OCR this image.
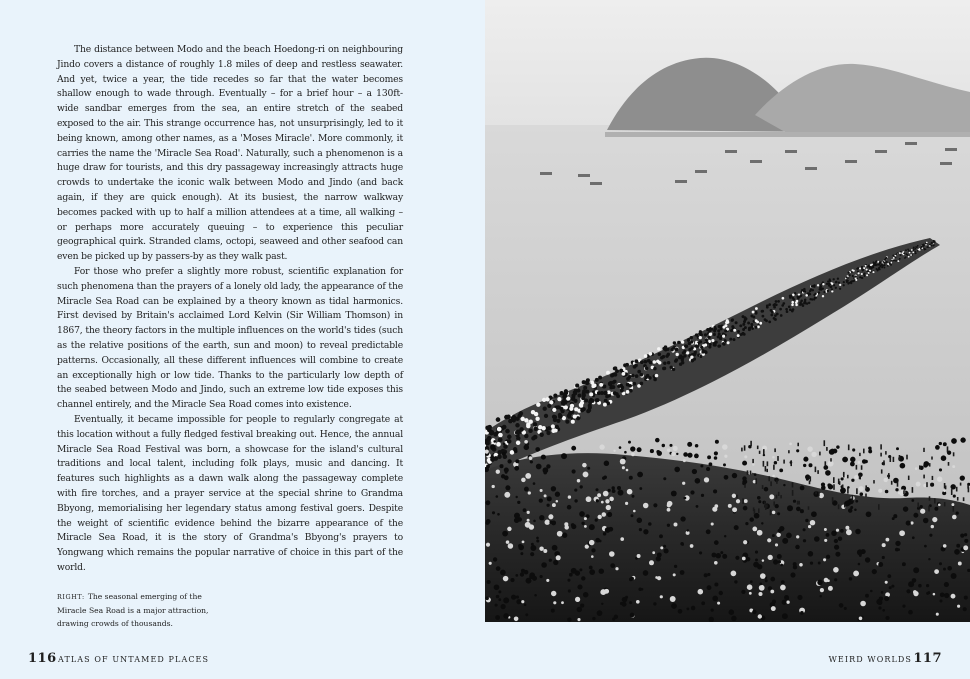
The distance between Modo and the beach Hoedong-ri on neighbouring Jindo covers a distance of roughly 1.8 miles of deep and restless seawater. And yet, twice a year, the tide recedes so far that the water becomes shallow enough to wade through. Eventually – for a brief hour – a 130ft-wide sandbar emerges from the sea, an entire stretch of the seabed exposed to the air. This strange occurrence has, not unsurprisingly, led to it being known, among other names, as a 'Moses Miracle'. More commonly, it carries the name the 'Miracle Sea Road'. Naturally, such a phenomenon is a huge draw for tourists, and this dry passageway increasingly attracts huge crowds to undertake the iconic walk between Modo and Jindo (and back again, if they are quick enough). At its busiest, the narrow walkway becomes packed with up to half a million attendees at a time, all walking – or perhaps more accurately queuing – to experience this peculiar geographical quirk. Stranded clams, octopi, seaweed and other seafood can even be picked up by passers-by as they walk past.

For those who prefer a slightly more robust, scientific explanation for such phenomena than the prayers of a lonely old lady, the appearance of the Miracle Sea Road can be explained by a theory known as tidal harmonics. First devised by Britain's acclaimed Lord Kelvin (Sir William Thomson) in 1867, the theory factors in the multiple influences on the world's tides (such as the relative positions of the earth, sun and moon) to reveal predictable patterns. Occasionally, all these different influences will combine to create an exceptionally high or low tide. Thanks to the particularly low depth of the seabed between Modo and Jindo, such an extreme low tide exposes this channel entirely, and the Miracle Sea Road comes into existence.

Eventually, it became impossible for people to regularly congregate at this location without a fully fledged festival breaking out. Hence, the annual Miracle Sea Road Festival was born, a showcase for the island's cultural traditions and local talent, including folk plays, music and dancing. It features such highlights as a dawn walk along the passageway complete with fire torches, and a prayer service at the special shrine to Grandma Bbyong, memorialising her legendary status among festival goers. Despite the weight of scientific evidence behind the bizarre appearance of the Miracle Sea Road, it is the story of Grandma's Bbyong's prayers to Yongwang which remains the popular narrative of choice in this part of the world.

RIGHT: The seasonal emerging of the Miracle Sea Road is a major attraction, drawing crowds of thousands.
116 ATLAS OF UNTAMED PLACES	WEIRD WORLDS 117
